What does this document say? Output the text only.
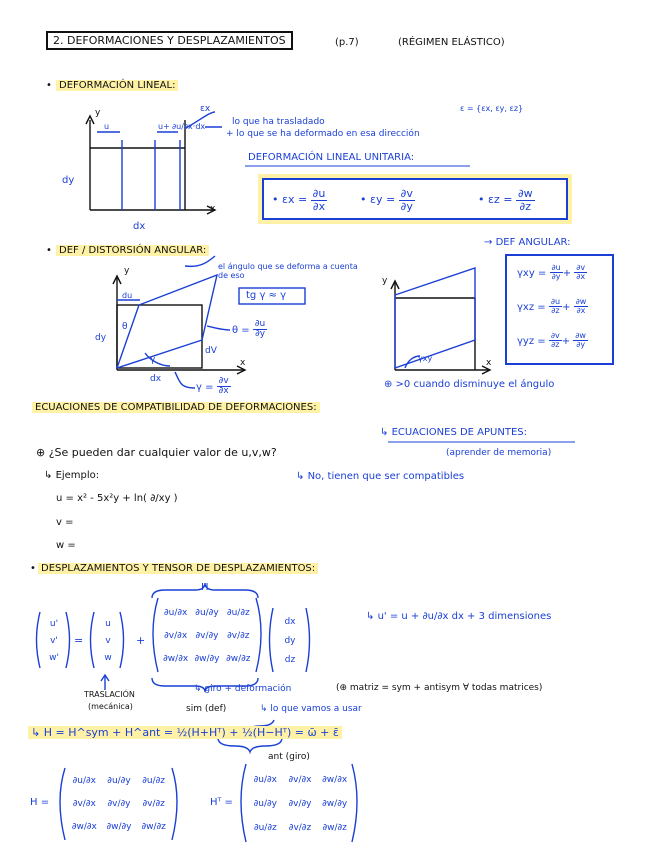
2. DEFORMACIONES Y DESPLAZAMIENTOS	(p.7)	(RÉGIMEN ELÁSTICO)
• DEFORMACIÓN LINEAL:
y
x
u	u+ ∂u/∂x·dx
εx
dy
dx
lo que ha trasladado
+ lo que se ha deformado en esa dirección
ε = {εx, εy, εz}
DEFORMACIÓN LINEAL UNITARIA:
• $\varepsilon x = \frac{\partial u}{\partial x}$	• $\varepsilon y = \frac{\partial v}{\partial y}$	• $\varepsilon z = \frac{\partial w}{\partial z}$
• DEF / DISTORSIÓN ANGULAR:
y
x
du
dy
dV
dx
θ
γ
el ángulo que se deforma a cuenta de eso
tg γ ≈ γ
$\theta = \frac{\partial u}{\partial y}$
$\gamma = \frac{\partial v}{\partial x}$
y
x
γxy
⊕ >0 cuando disminuye el ángulo
→ DEF ANGULAR:
$\gamma xy = \frac{\partial u}{\partial y} + \frac{\partial v}{\partial x}$
$\gamma xz = \frac{\partial u}{\partial z} + \frac{\partial w}{\partial x}$
$\gamma yz = \frac{\partial v}{\partial z} + \frac{\partial w}{\partial y}$
ECUACIONES DE COMPATIBILIDAD DE DEFORMACIONES:
↳ ECUACIONES DE APUNTES:
(aprender de memoria)
⊕ ¿Se pueden dar cualquier valor de u,v,w?
↳ Ejemplo:	↳ No, tienen que ser compatibles
u = x² - 5x²y + ln( ∂/xy )
v =
w =
• DESPLAZAMIENTOS Y TENSOR DE DESPLAZAMIENTOS:
H
u'
v'
w'
=
u
v
w
+
∂u/∂x ∂u/∂y ∂u/∂z
∂v/∂x ∂v/∂y ∂v/∂z
∂w/∂x ∂w/∂y ∂w/∂z
dx
dy
dz
↳ u' = u + ∂u/∂x dx + 3 dimensiones
TRASLACIÓN
(mecánica)	sim (def)
↳ giro + deformación	(⊕ matriz = sym + antisym ∀ todas matrices)
↳ lo que vamos a usar
↳ H = H^sym + H^ant = ½(H+Hᵀ) + ½(H−Hᵀ) = ω̄ + ε̄
ant (giro)
H =
∂u/∂x	∂u/∂y	∂u/∂z
∂v/∂x	∂v/∂y	∂v/∂z
∂w/∂x	∂w/∂y	∂w/∂z
Hᵀ =
∂u/∂x	∂v/∂x	∂w/∂x
∂u/∂y	∂v/∂y	∂w/∂y
∂u/∂z	∂v/∂z	∂w/∂z
